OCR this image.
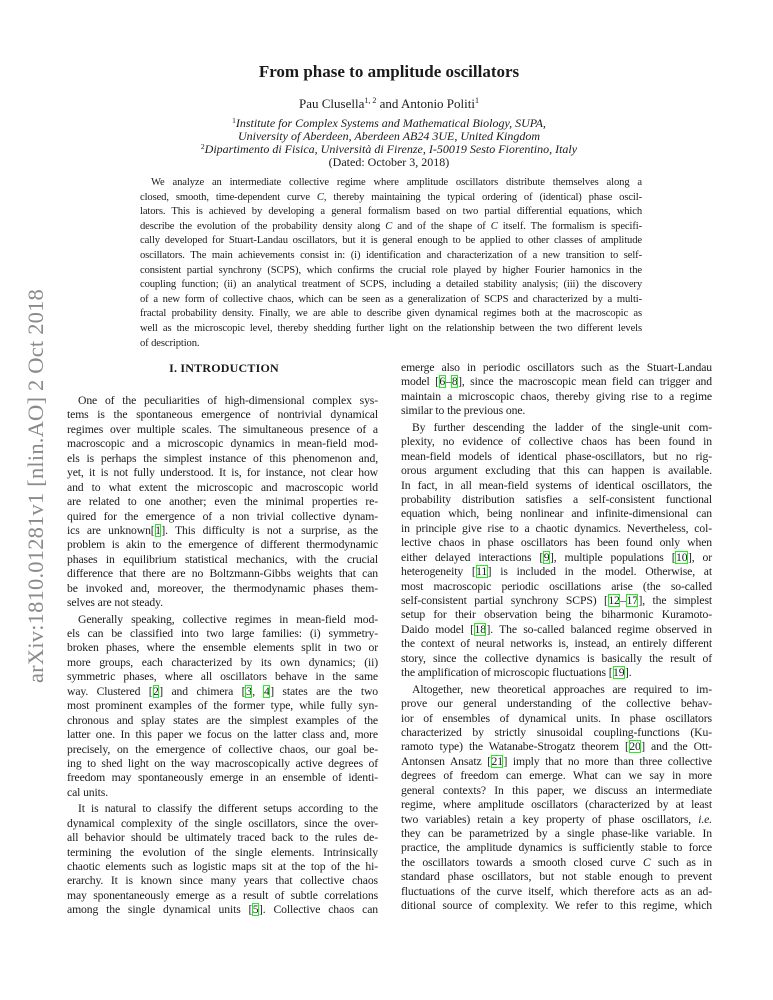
arXiv:1810.01281v1 [nlin.AO] 2 Oct 2018
From phase to amplitude oscillators
Pau Clusella$^{1, 2}$ and Antonio Politi$^1$
$^1$Institute for Complex Systems and Mathematical Biology, SUPA,
University of Aberdeen, Aberdeen AB24 3UE, United Kingdom
$^2$Dipartimento di Fisica, Università di Firenze, I-50019 Sesto Fiorentino, Italy
(Dated: October 3, 2018)
We analyze an intermediate collective regime where amplitude oscillators distribute themselves along a
closed, smooth, time-dependent curve C, thereby maintaining the typical ordering of (identical) phase oscil-
lators. This is achieved by developing a general formalism based on two partial differential equations, which
describe the evolution of the probability density along C and of the shape of C itself. The formalism is specifi-
cally developed for Stuart-Landau oscillators, but it is general enough to be applied to other classes of amplitude
oscillators. The main achievements consist in: (i) identification and characterization of a new transition to self-
consistent partial synchrony (SCPS), which confirms the crucial role played by higher Fourier hamonics in the
coupling function; (ii) an analytical treatment of SCPS, including a detailed stability analysis; (iii) the discovery
of a new form of collective chaos, which can be seen as a generalization of SCPS and characterized by a multi-
fractal probability density. Finally, we are able to describe given dynamical regimes both at the macroscopic as
well as the microscopic level, thereby shedding further light on the relationship between the two different levels
of description.
I. INTRODUCTION
One of the peculiarities of high-dimensional complex sys-
tems is the spontaneous emergence of nontrivial dynamical
regimes over multiple scales. The simultaneous presence of a
macroscopic and a microscopic dynamics in mean-field mod-
els is perhaps the simplest instance of this phenomenon and,
yet, it is not fully understood. It is, for instance, not clear how
and to what extent the microscopic and macroscopic world
are related to one another; even the minimal properties re-
quired for the emergence of a non trivial collective dynam-
ics are unknown[1]. This difficulty is not a surprise, as the
problem is akin to the emergence of different thermodynamic
phases in equilibrium statistical mechanics, with the crucial
difference that there are no Boltzmann-Gibbs weights that can
be invoked and, moreover, the thermodynamic phases them-
selves are not steady.
Generally speaking, collective regimes in mean-field mod-
els can be classified into two large families: (i) symmetry-
broken phases, where the ensemble elements split in two or
more groups, each characterized by its own dynamics; (ii)
symmetric phases, where all oscillators behave in the same
way. Clustered [2] and chimera [3, 4] states are the two
most prominent examples of the former type, while fully syn-
chronous and splay states are the simplest examples of the
latter one. In this paper we focus on the latter class and, more
precisely, on the emergence of collective chaos, our goal be-
ing to shed light on the way macroscopically active degrees of
freedom may spontaneously emerge in an ensemble of identi-
cal units.
It is natural to classify the different setups according to the
dynamical complexity of the single oscillators, since the over-
all behavior should be ultimately traced back to the rules de-
termining the evolution of the single elements. Intrinsically
chaotic elements such as logistic maps sit at the top of the hi-
erarchy. It is known since many years that collective chaos
may sponentaneously emerge as a result of subtle correlations
among the single dynamical units [5]. Collective chaos can
emerge also in periodic oscillators such as the Stuart-Landau
model [6–8], since the macroscopic mean field can trigger and
maintain a microscopic chaos, thereby giving rise to a regime
similar to the previous one.
By further descending the ladder of the single-unit com-
plexity, no evidence of collective chaos has been found in
mean-field models of identical phase-oscillators, but no rig-
orous argument excluding that this can happen is available.
In fact, in all mean-field systems of identical oscillators, the
probability distribution satisfies a self-consistent functional
equation which, being nonlinear and infinite-dimensional can
in principle give rise to a chaotic dynamics. Nevertheless, col-
lective chaos in phase oscillators has been found only when
either delayed interactions [9], multiple populations [10], or
heterogeneity [11] is included in the model. Otherwise, at
most macroscopic periodic oscillations arise (the so-called
self-consistent partial synchrony SCPS) [12–17], the simplest
setup for their observation being the biharmonic Kuramoto-
Daido model [18]. The so-called balanced regime observed in
the context of neural networks is, instead, an entirely different
story, since the collective dynamics is basically the result of
the amplification of microscopic fluctuations [19].
Altogether, new theoretical approaches are required to im-
prove our general understanding of the collective behav-
ior of ensembles of dynamical units. In phase oscillators
characterized by strictly sinusoidal coupling-functions (Ku-
ramoto type) the Watanabe-Strogatz theorem [20] and the Ott-
Antonsen Ansatz [21] imply that no more than three collective
degrees of freedom can emerge. What can we say in more
general contexts? In this paper, we discuss an intermediate
regime, where amplitude oscillators (characterized by at least
two variables) retain a key property of phase oscillators, i.e.
they can be parametrized by a single phase-like variable. In
practice, the amplitude dynamics is sufficiently stable to force
the oscillators towards a smooth closed curve C such as in
standard phase oscillators, but not stable enough to prevent
fluctuations of the curve itself, which therefore acts as an ad-
ditional source of complexity. We refer to this regime, which
